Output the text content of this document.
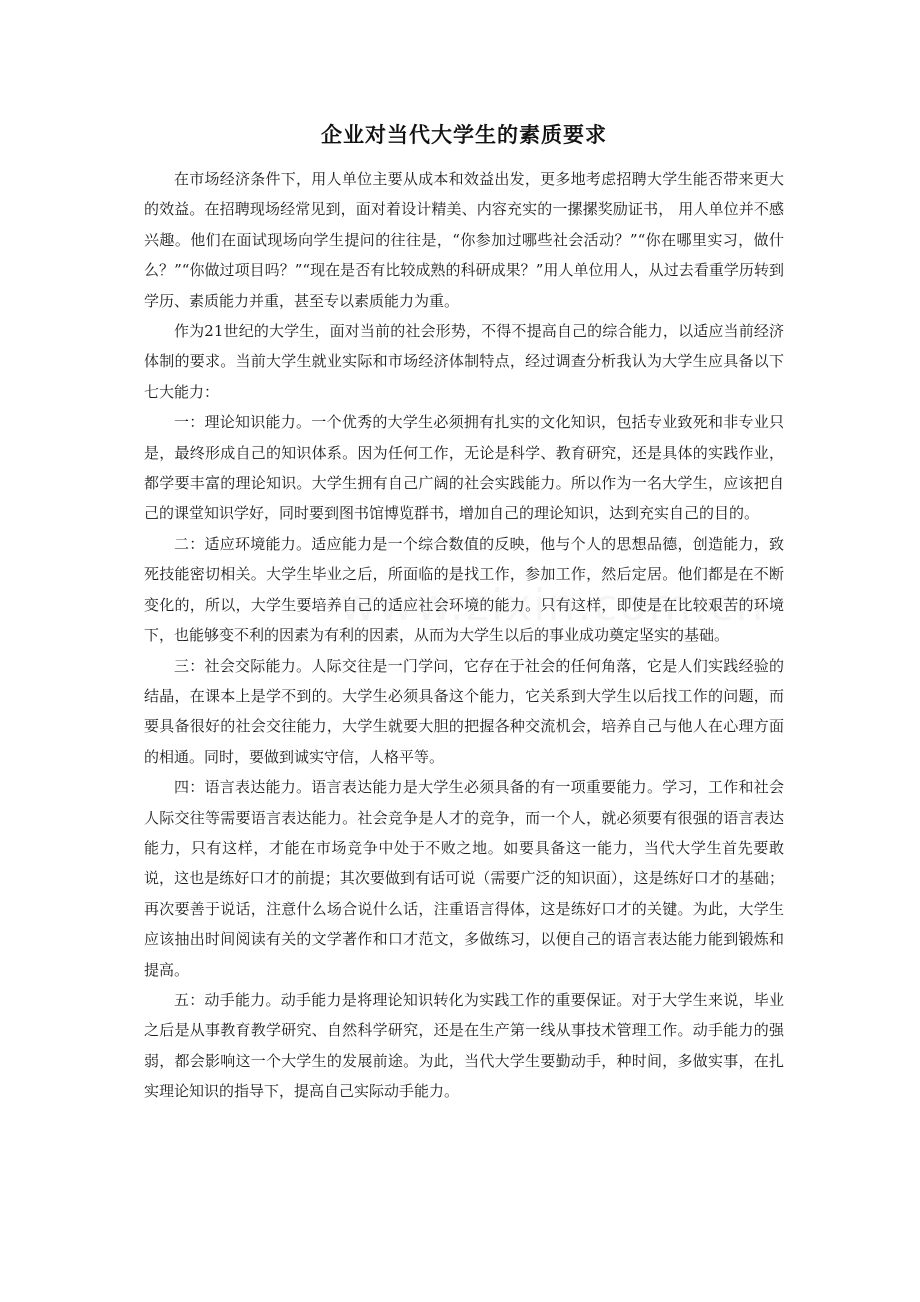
企业对当代大学生的素质要求

在市场经济条件下，用人单位主要从成本和效益出发，更多地考虑招聘大学生能否带来更大的效益。在招聘现场经常见到，面对着设计精美、内容充实的一摞摞奖励证书， 用人单位并不感兴趣。他们在面试现场向学生提问的往往是，“你参加过哪些社会活动？”“你在哪里实习，做什么？”“你做过项目吗？”“现在是否有比较成熟的科研成果？”用人单位用人，从过去看重学历转到学历、素质能力并重，甚至专以素质能力为重。

作为21世纪的大学生，面对当前的社会形势，不得不提高自己的综合能力，以适应当前经济体制的要求。当前大学生就业实际和市场经济体制特点，经过调查分析我认为大学生应具备以下七大能力：

一：理论知识能力。一个优秀的大学生必须拥有扎实的文化知识，包括专业致死和非专业只是，最终形成自己的知识体系。因为任何工作，无论是科学、教育研究，还是具体的实践作业，都学要丰富的理论知识。大学生拥有自己广阔的社会实践能力。所以作为一名大学生，应该把自己的课堂知识学好，同时要到图书馆博览群书，增加自己的理论知识，达到充实自己的目的。

二：适应环境能力。适应能力是一个综合数值的反映，他与个人的思想品德，创造能力，致死技能密切相关。大学生毕业之后，所面临的是找工作，参加工作，然后定居。他们都是在不断变化的，所以，大学生要培养自己的适应社会环境的能力。只有这样，即使是在比较艰苦的环境下，也能够变不利的因素为有利的因素，从而为大学生以后的事业成功奠定坚实的基础。

三：社会交际能力。人际交往是一门学问，它存在于社会的任何角落，它是人们实践经验的结晶，在课本上是学不到的。大学生必须具备这个能力，它关系到大学生以后找工作的问题，而要具备很好的社会交往能力，大学生就要大胆的把握各种交流机会，培养自己与他人在心理方面的相通。同时，要做到诚实守信，人格平等。

四：语言表达能力。语言表达能力是大学生必须具备的有一项重要能力。学习，工作和社会人际交往等需要语言表达能力。社会竞争是人才的竞争，而一个人，就必须要有很强的语言表达能力，只有这样，才能在市场竞争中处于不败之地。如要具备这一能力，当代大学生首先要敢说，这也是练好口才的前提；其次要做到有话可说（需要广泛的知识面），这是练好口才的基础；再次要善于说话，注意什么场合说什么话，注重语言得体，这是练好口才的关键。为此，大学生应该抽出时间阅读有关的文学著作和口才范文，多做练习，以便自己的语言表达能力能到锻炼和提高。

五：动手能力。动手能力是将理论知识转化为实践工作的重要保证。对于大学生来说，毕业之后是从事教育教学研究、自然科学研究，还是在生产第一线从事技术管理工作。动手能力的强弱，都会影响这一个大学生的发展前途。为此，当代大学生要勤动手，种时间，多做实事，在扎实理论知识的指导下，提高自己实际动手能力。
